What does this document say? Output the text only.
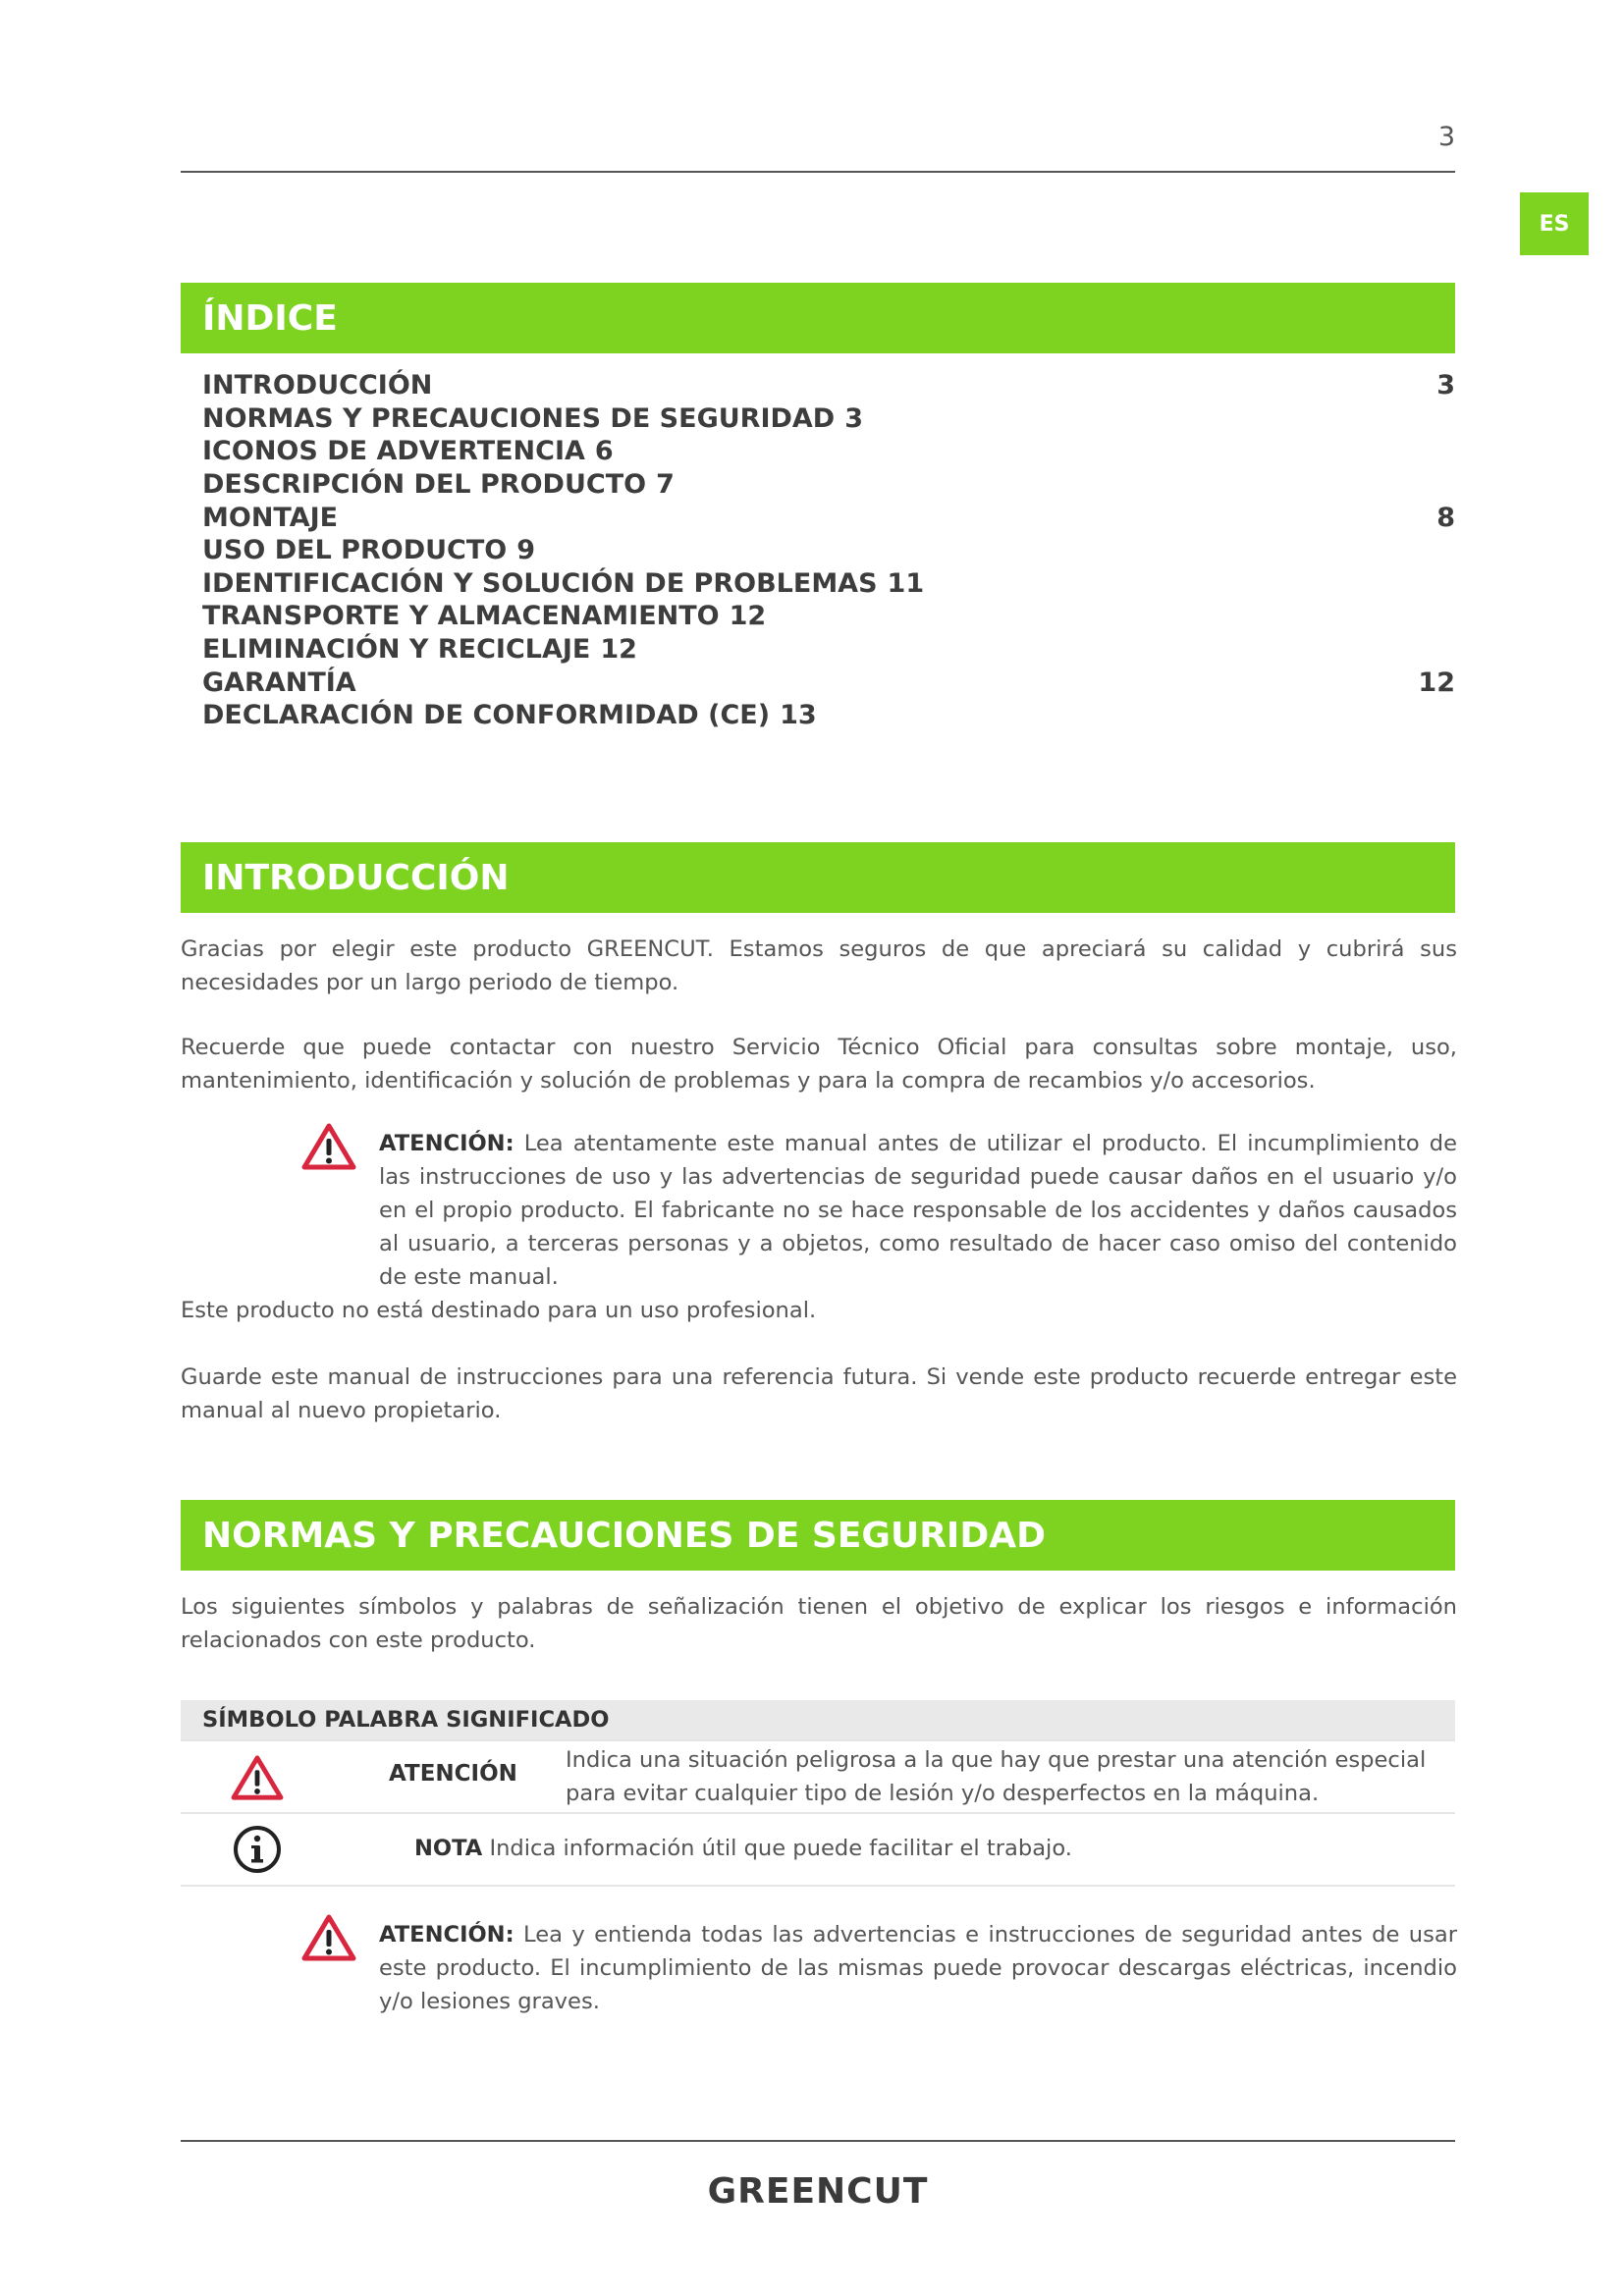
3
ES
ÍNDICE
INTRODUCCIÓN	3
NORMAS Y PRECAUCIONES DE SEGURIDAD 3
ICONOS DE ADVERTENCIA 6
DESCRIPCIÓN DEL PRODUCTO 7
MONTAJE	8
USO DEL PRODUCTO 9
IDENTIFICACIÓN Y SOLUCIÓN DE PROBLEMAS 11
TRANSPORTE Y ALMACENAMIENTO 12
ELIMINACIÓN Y RECICLAJE 12
GARANTÍA	12
DECLARACIÓN DE CONFORMIDAD (CE) 13
INTRODUCCIÓN
Gracias por elegir este producto GREENCUT. Estamos seguros de que apreciará su calidad y cubrirá sus necesidades por un largo periodo de tiempo.
Recuerde que puede contactar con nuestro Servicio Técnico Oficial para consultas sobre montaje, uso, mantenimiento, identificación y solución de problemas y para la compra de recambios y/o accesorios.
ATENCIÓN: Lea atentamente este manual antes de utilizar el producto. El incumplimiento de las instrucciones de uso y las advertencias de seguridad puede causar daños en el usuario y/o en el propio producto. El fabricante no se hace responsable de los accidentes y daños causados al usuario, a terceras personas y a objetos, como resultado de hacer caso omiso del contenido de este manual.
Este producto no está destinado para un uso profesional.
Guarde este manual de instrucciones para una referencia futura. Si vende este producto recuerde entregar este manual al nuevo propietario.
NORMAS Y PRECAUCIONES DE SEGURIDAD
Los siguientes símbolos y palabras de señalización tienen el objetivo de explicar los riesgos e información relacionados con este producto.
SÍMBOLO PALABRA SIGNIFICADO
ATENCIÓN
Indica una situación peligrosa a la que hay que prestar una atención especial para evitar cualquier tipo de lesión y/o desperfectos en la máquina.
NOTA Indica información útil que puede facilitar el trabajo.
ATENCIÓN: Lea y entienda todas las advertencias e instrucciones de seguridad antes de usar este producto. El incumplimiento de las mismas puede provocar descargas eléctricas, incendio y/o lesiones graves.
GREENCUT
